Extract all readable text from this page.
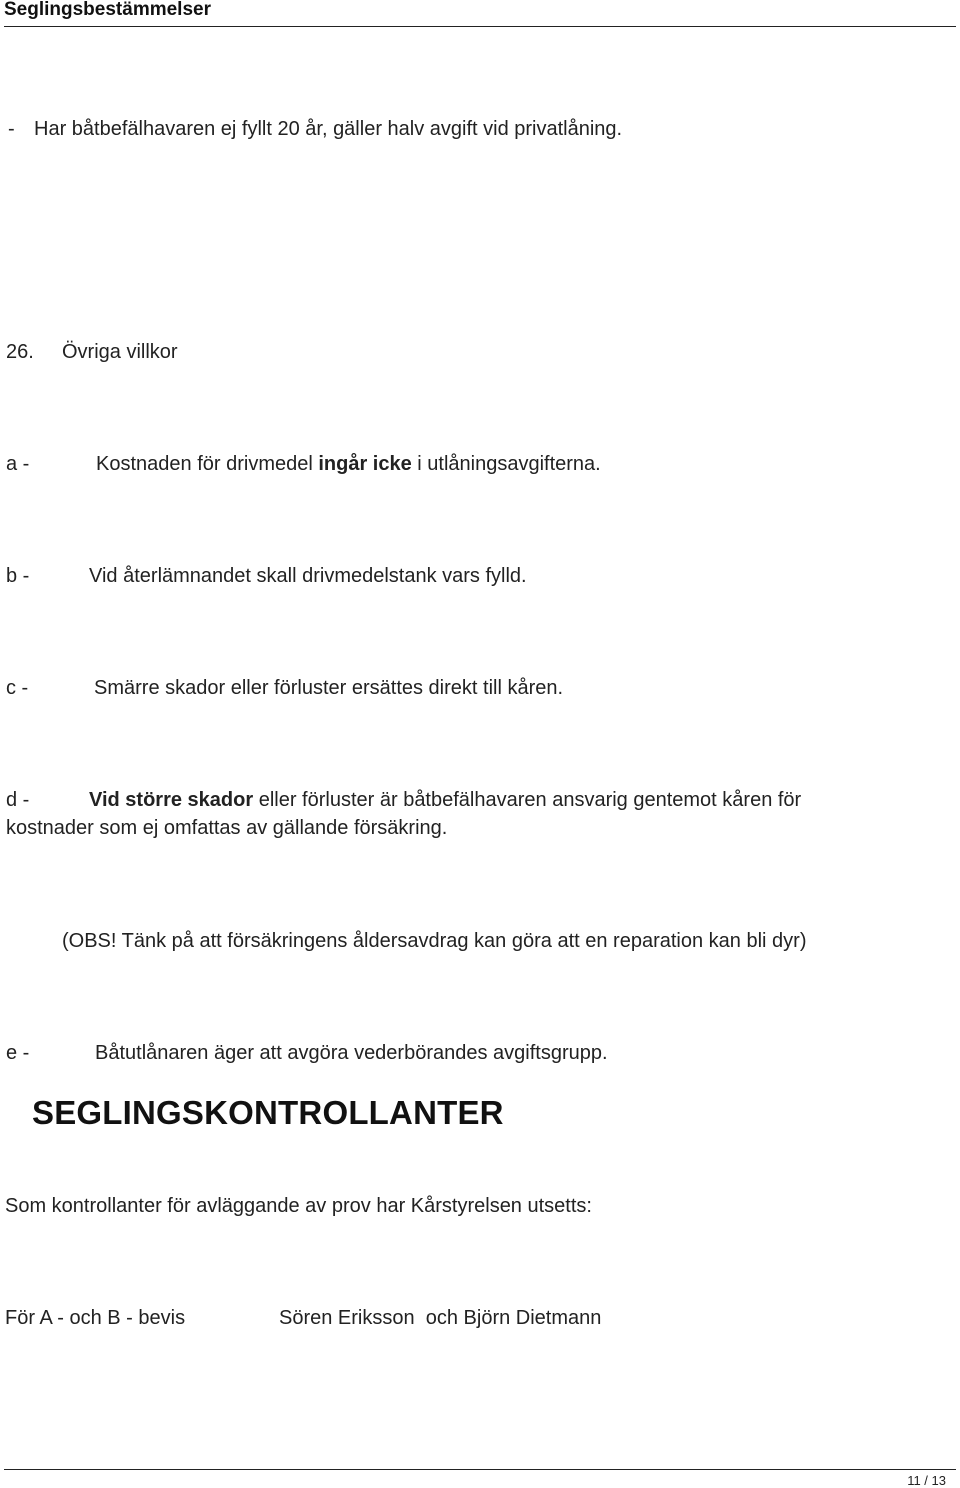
Seglingsbestämmelser
- Har båtbefälhavaren ej fyllt 20 år, gäller halv avgift vid privatlåning.
26. Övriga villkor
a -	Kostnaden för drivmedel ingår icke i utlåningsavgifterna.
b -	Vid återlämnandet skall drivmedelstank vars fylld.
c -	Smärre skador eller förluster ersättes direkt till kåren.
d -	Vid större skador eller förluster är båtbefälhavaren ansvarig gentemot kåren för
kostnader som ej omfattas av gällande försäkring.
(OBS! Tänk på att försäkringens åldersavdrag kan göra att en reparation kan bli dyr)
e -	Båtutlånaren äger att avgöra vederbörandes avgiftsgrupp.
SEGLINGSKONTROLLANTER
Som kontrollanter för avläggande av prov har Kårstyrelsen utsetts:
För A - och B - bevis	Sören Eriksson  och Björn Dietmann
11 / 13
